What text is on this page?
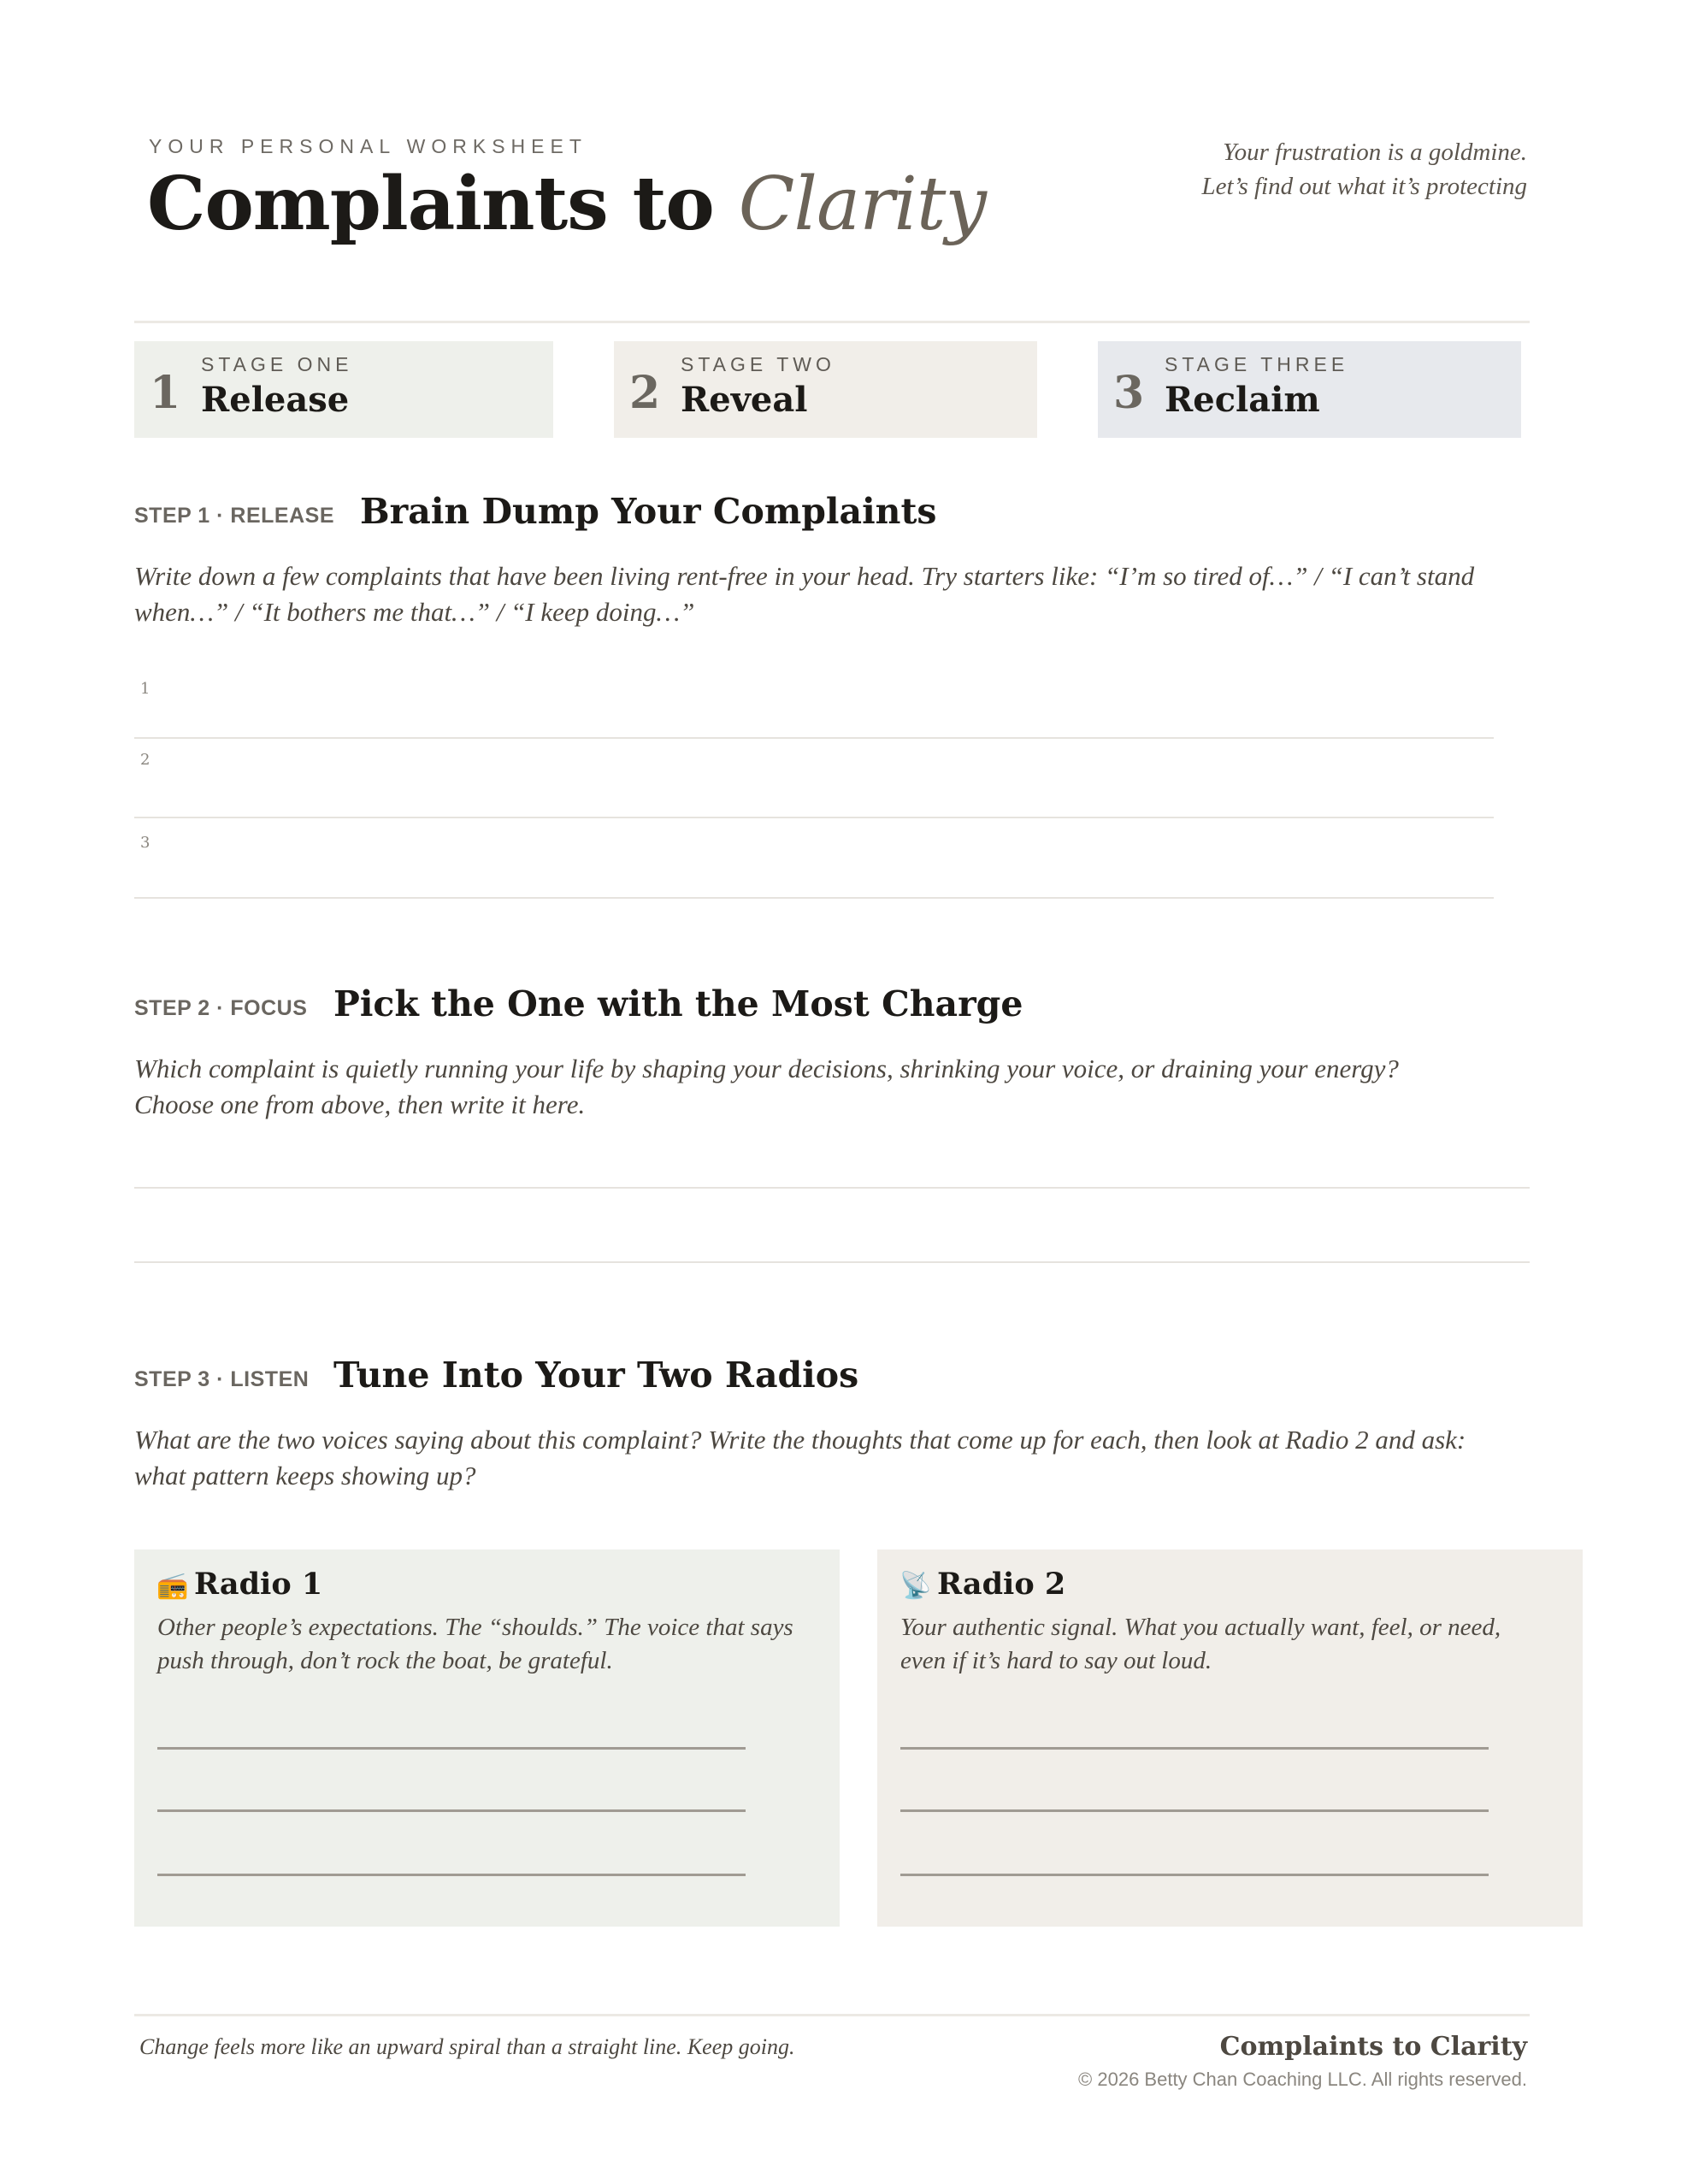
YOUR PERSONAL WORKSHEET
Complaints to Clarity
Your frustration is a goldmine.
Let’s find out what it’s protecting
1
STAGE ONE
Release	2
STAGE TWO
Reveal	3
STAGE THREE
Reclaim
STEP 1 · RELEASE Brain Dump Your Complaints
Write down a few complaints that have been living rent-free in your head. Try starters like: “I’m so tired of…” / “I can’t stand when…” / “It bothers me that…” / “I keep doing…”
1
2
3
STEP 2 · FOCUS Pick the One with the Most Charge
Which complaint is quietly running your life by shaping your decisions, shrinking your voice, or draining your energy? Choose one from above, then write it here.
STEP 3 · LISTEN Tune Into Your Two Radios
What are the two voices saying about this complaint? Write the thoughts that come up for each, then look at Radio 2 and ask: what pattern keeps showing up?
📻 Radio 1
Other people’s expectations. The “shoulds.” The voice that says push through, don’t rock the boat, be grateful.
📡 Radio 2
Your authentic signal. What you actually want, feel, or need, even if it’s hard to say out loud.
Change feels more like an upward spiral than a straight line. Keep going.	Complaints to Clarity
© 2026 Betty Chan Coaching LLC. All rights reserved.
